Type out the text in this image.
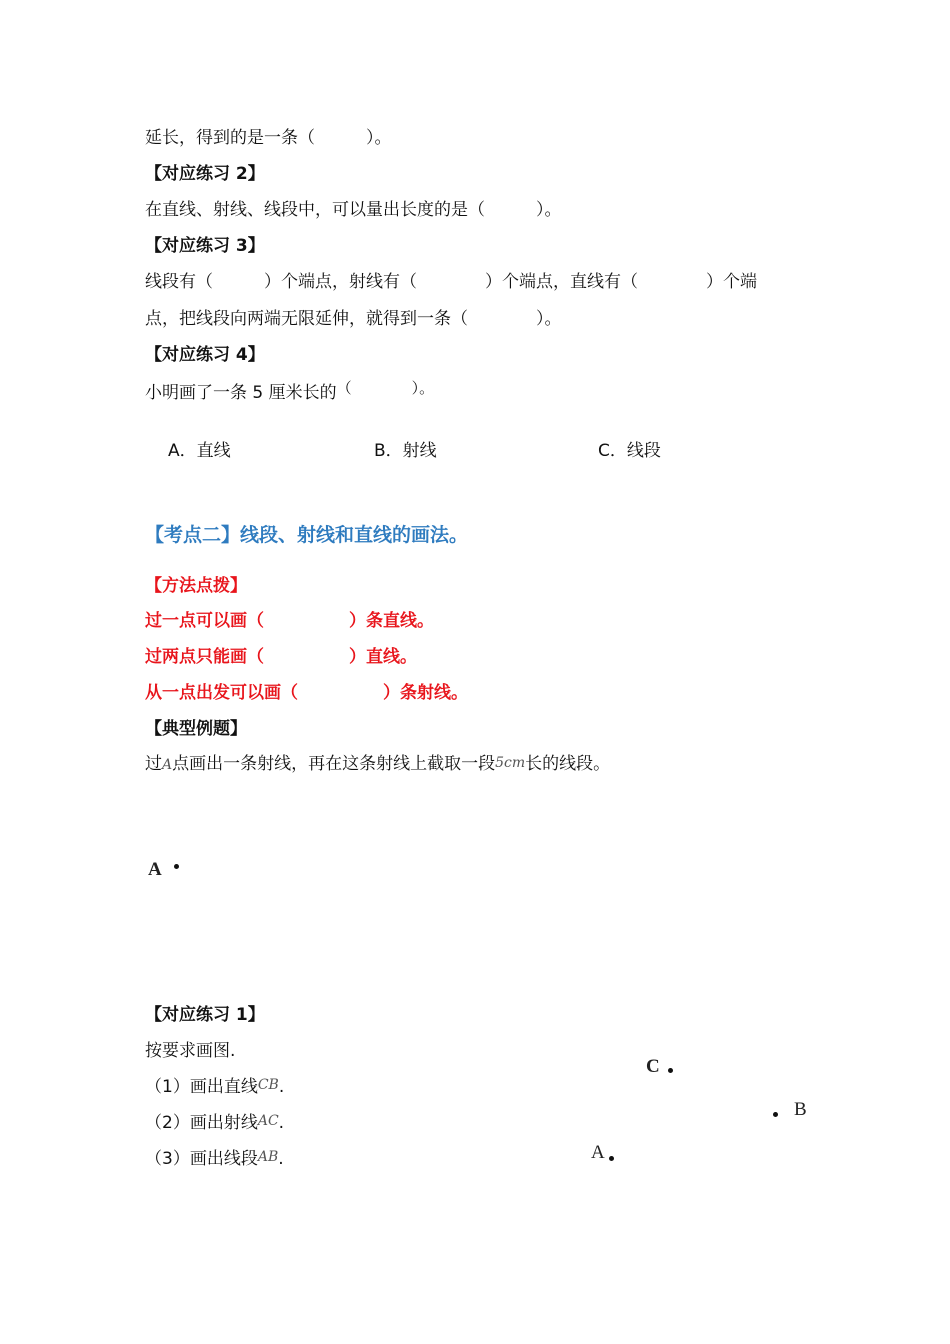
延长，得到的是一条（　　　）。
【对应练习 2】
在直线、射线、线段中，可以量出长度的是（　　　）。
【对应练习 3】
线段有（　　　）个端点，射线有（　　　　）个端点，直线有（　　　　）个端
点，把线段向两端无限延伸，就得到一条（　　　　）。
【对应练习 4】
小明画了一条 5 厘米长的（　　　　）。
A．直线	B．射线	C．线段
【考点二】线段、射线和直线的画法。
【方法点拨】
过一点可以画（　　　　　）条直线。
过两点只能画（　　　　　）直线。
从一点出发可以画（　　　　　）条射线。
【典型例题】
过A点画出一条射线，再在这条射线上截取一段5cm长的线段。
A
【对应练习 1】
按要求画图.
（1）画出直线CB.
（2）画出射线AC.
（3）画出线段AB.
C
B
A
